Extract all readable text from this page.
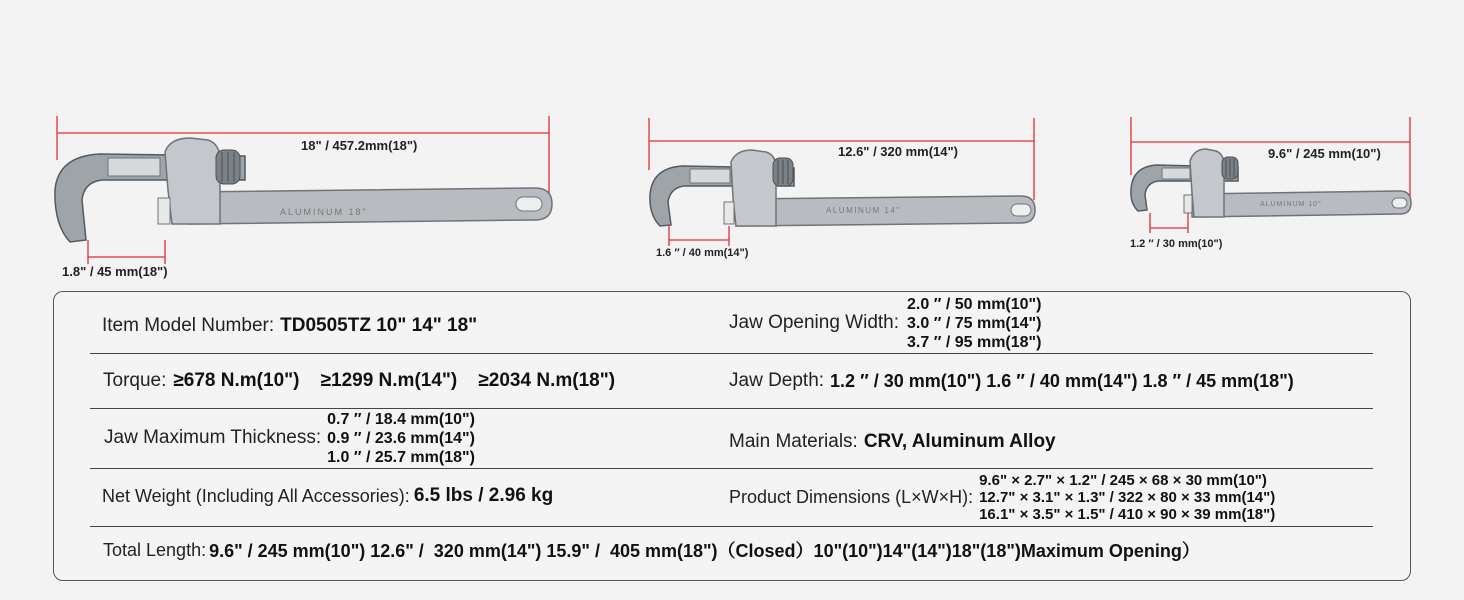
ALUMINUM 18"
18" / 457.2mm(18")
1.8" / 45 mm(18")
ALUMINUM 14"
12.6" / 320 mm(14")
1.6 ″ / 40 mm(14")
ALUMINUM 10"
9.6" / 245 mm(10")
1.2 ″ / 30 mm(10")
Item Model Number: TD0505TZ 10" 14" 18"	Jaw Opening Width:
2.0 ″ / 50 mm(10")
3.0 ″ / 75 mm(14")
3.7 ″ / 95 mm(18")
Torque: ≥678 N.m(10")    ≥1299 N.m(14")    ≥2034 N.m(18")	Jaw Depth: 1.2 ″ / 30 mm(10") 1.6 ″ / 40 mm(14") 1.8 ″ / 45 mm(18")
Jaw Maximum Thickness:
0.7 ″ / 18.4 mm(10")
0.9 ″ / 23.6 mm(14")
1.0 ″ / 25.7 mm(18")
Main Materials: CRV, Aluminum Alloy
Net Weight (Including All Accessories): 6.5 lbs / 2.96 kg	Product Dimensions (L×W×H):
9.6" × 2.7" × 1.2" / 245 × 68 × 30 mm(10")
12.7" × 3.1" × 1.3" / 322 × 80 × 33 mm(14")
16.1" × 3.5" × 1.5" / 410 × 90 × 39 mm(18")
Total Length: 9.6" / 245 mm(10") 12.6" /  320 mm(14") 15.9" /  405 mm(18")（Closed）10"(10")14"(14")18"(18")Maximum Opening）
